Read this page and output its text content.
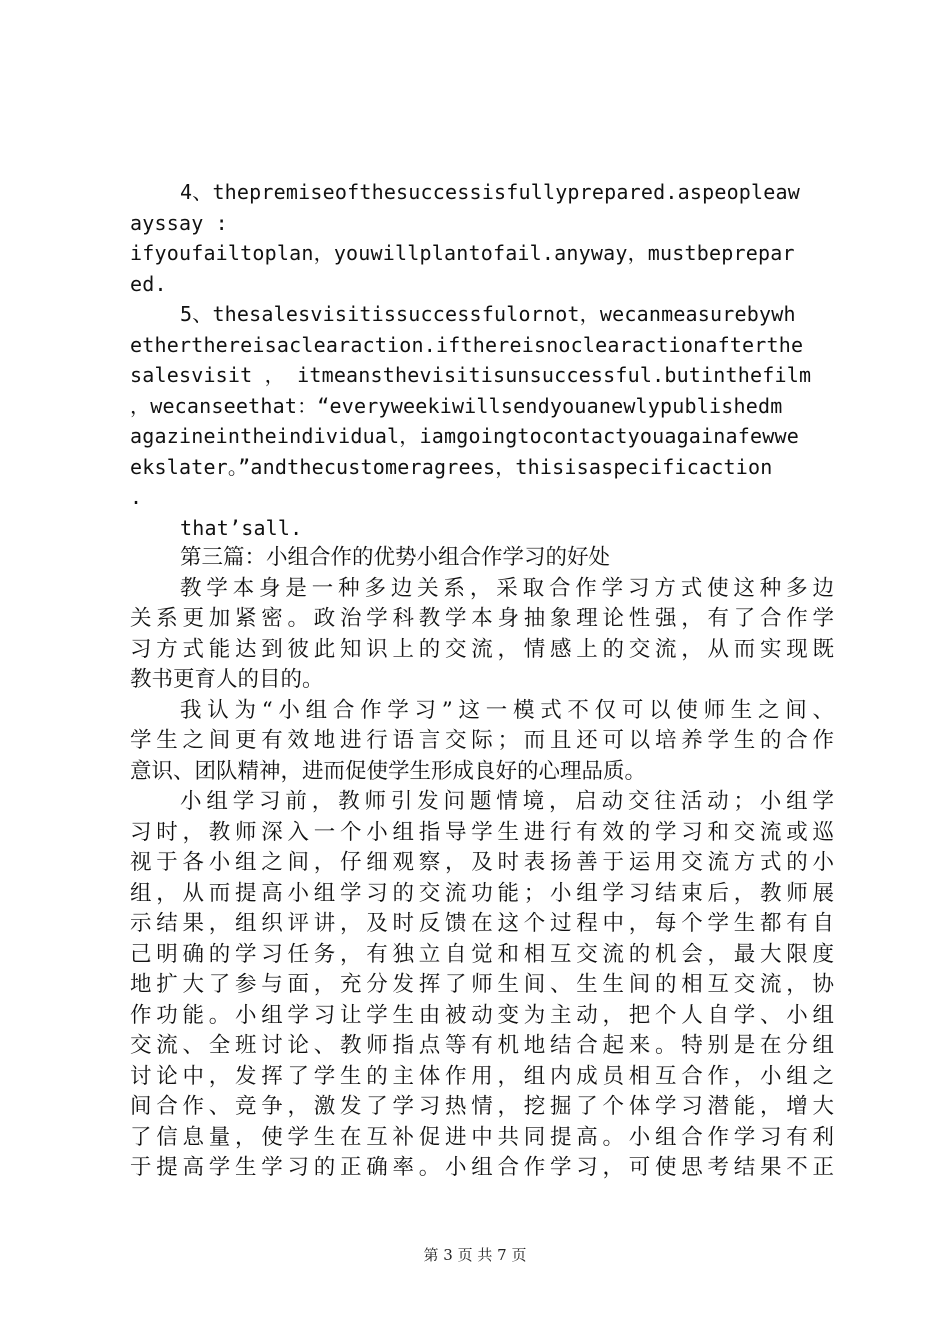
4、thepremiseofthesuccessisfullyprepared.aspeopleaw
ayssay :
ifyoufailtoplan，youwillplantofail.anyway，mustbeprepar
ed.
5、thesalesvisitissuccessfulornot，wecanmeasurebywh
etherthereisaclearaction.ifthereisnoclearactionafterthe
salesvisit ， itmeansthevisitisunsuccessful.butinthefilm
，wecanseethat：“everyweekiwillsendyouanewlypublishedm
agazineintheindividual，iamgoingtocontactyouagainafewwe
ekslater。”andthecustomeragrees，thisisaspecificaction
.
that’sall.
第三篇：小组合作的优势小组合作学习的好处
教学本身是一种多边关系，采取合作学习方式使这种多边
关系更加紧密。政治学科教学本身抽象理论性强，有了合作学
习方式能达到彼此知识上的交流，情感上的交流，从而实现既
教书更育人的目的。
我认为“小组合作学习”这一模式不仅可以使师生之间、
学生之间更有效地进行语言交际；而且还可以培养学生的合作
意识、团队精神，进而促使学生形成良好的心理品质。
小组学习前，教师引发问题情境，启动交往活动；小组学
习时，教师深入一个小组指导学生进行有效的学习和交流或巡
视于各小组之间，仔细观察，及时表扬善于运用交流方式的小
组，从而提高小组学习的交流功能；小组学习结束后，教师展
示结果，组织评讲，及时反馈在这个过程中，每个学生都有自
己明确的学习任务，有独立自觉和相互交流的机会，最大限度
地扩大了参与面，充分发挥了师生间、生生间的相互交流，协
作功能。小组学习让学生由被动变为主动，把个人自学、小组
交流、全班讨论、教师指点等有机地结合起来。特别是在分组
讨论中，发挥了学生的主体作用，组内成员相互合作，小组之
间合作、竞争，激发了学习热情，挖掘了个体学习潜能，增大
了信息量，使学生在互补促进中共同提高。小组合作学习有利
于提高学生学习的正确率。小组合作学习，可使思考结果不正
第 3 页 共 7 页
